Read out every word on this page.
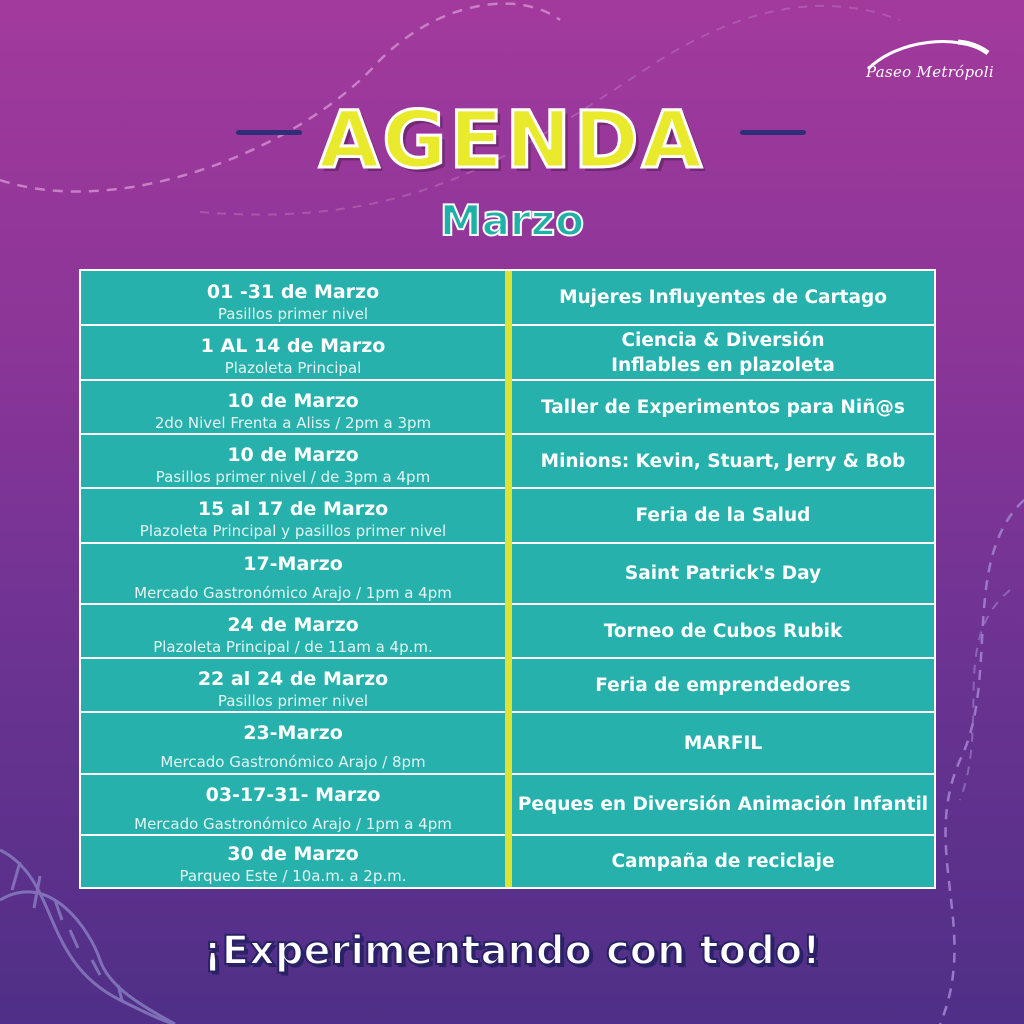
Paseo Metrópoli
AGENDA
Marzo
01 -31 de Marzo
Pasillos primer nivel
Mujeres Influyentes de Cartago
1 AL 14 de Marzo
Plazoleta Principal
Ciencia & Diversión
Inflables en plazoleta
10 de Marzo
2do Nivel Frenta a Aliss / 2pm a 3pm
Taller de Experimentos para Niñ@s
10 de Marzo
Pasillos primer nivel / de 3pm a 4pm
Minions: Kevin, Stuart, Jerry & Bob
15 al 17 de Marzo
Plazoleta Principal y pasillos primer nivel
Feria de la Salud
17-Marzo
Mercado Gastronómico Arajo / 1pm a 4pm
Saint Patrick's Day
24 de Marzo
Plazoleta Principal / de 11am a 4p.m.
Torneo de Cubos Rubik
22 al 24 de Marzo
Pasillos primer nivel
Feria de emprendedores
23-Marzo
Mercado Gastronómico Arajo / 8pm
MARFIL
03-17-31- Marzo
Mercado Gastronómico Arajo / 1pm a 4pm
Peques en Diversión Animación Infantil
30 de Marzo
Parqueo Este / 10a.m. a 2p.m.
Campaña de reciclaje
¡Experimentando con todo!
